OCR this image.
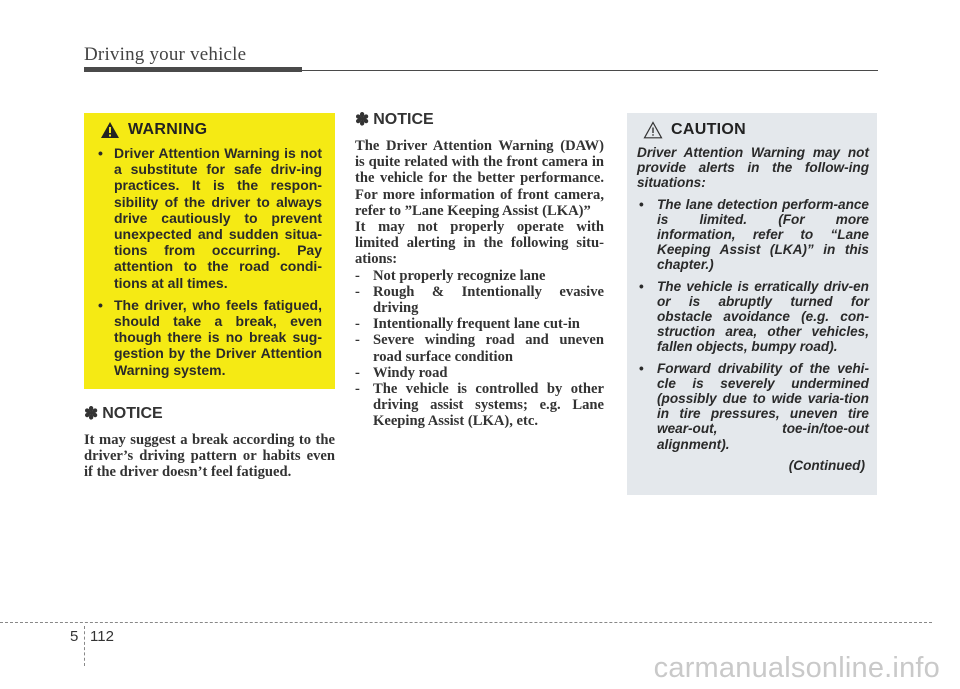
Driving your vehicle
WARNING
• Driver Attention Warning is not a substitute for safe driv-ing practices. It is the respon-sibility of the driver to always drive cautiously to prevent unexpected and sudden situa-tions from occurring. Pay attention to the road condi-tions at all times.
• The driver, who feels fatigued, should take a break, even though there is no break sug-gestion by the Driver Attention Warning system.
✽ NOTICE

It may suggest a break according to the driver’s driving pattern or habits even if the driver doesn’t feel fatigued.

✽ NOTICE

The Driver Attention Warning (DAW) is quite related with the front camera in the vehicle for the better performance. For more information of front camera, refer to ”Lane Keeping Assist (LKA)”

It may not properly operate with limited alerting in the following situ-ations:

- Not properly recognize lane
- Rough & Intentionally evasive driving
- Intentionally frequent lane cut-in
- Severe winding road and uneven road surface condition
- Windy road
- The vehicle is controlled by other driving assist systems; e.g. Lane Keeping Assist (LKA), etc.
CAUTION

Driver Attention Warning may not provide alerts in the follow-ing situations:

• The lane detection perform-ance is limited. (For more information, refer to “Lane Keeping Assist (LKA)” in this chapter.)
• The vehicle is erratically driv-en or is abruptly turned for obstacle avoidance (e.g. con-struction area, other vehicles, fallen objects, bumpy road).
• Forward drivability of the vehi-cle is severely undermined (possibly due to wide varia-tion in tire pressures, uneven tire wear-out, toe-in/toe-out alignment).
(Continued)
5 112
carmanualsonline.info
